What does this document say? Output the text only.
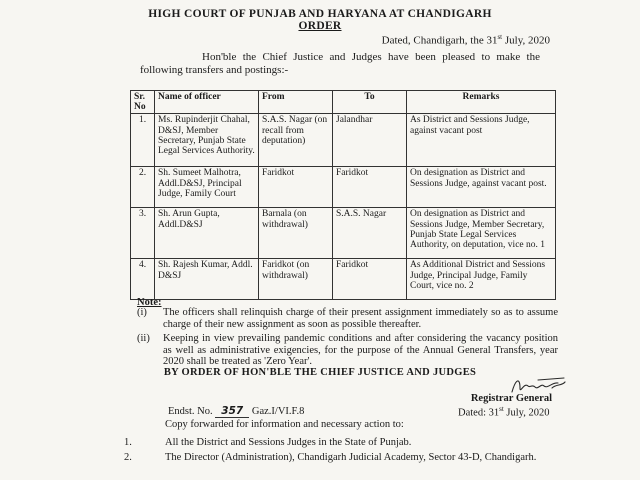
HIGH COURT OF PUNJAB AND HARYANA AT CHANDIGARH
ORDER
Dated, Chandigarh, the 31st July, 2020
Hon'ble the Chief Justice and Judges have been pleased to make the following transfers and postings:-
Sr. No	Name of officer	From	To	Remarks
1.	Ms. Rupinderjit Chahal, D&SJ, Member Secretary, Punjab State Legal Services Authority.	S.A.S. Nagar (on recall from deputation)	Jalandhar	As District and Sessions Judge, against vacant post
2.	Sh. Sumeet Malhotra, Addl.D&SJ, Principal Judge, Family Court	Faridkot	Faridkot	On designation as District and Sessions Judge, against vacant post.
3.	Sh. Arun Gupta, Addl.D&SJ	Barnala (on withdrawal)	S.A.S. Nagar	On designation as District and Sessions Judge, Member Secretary, Punjab State Legal Services Authority, on deputation, vice no. 1
4.	Sh. Rajesh Kumar, Addl. D&SJ	Faridkot (on withdrawal)	Faridkot	As Additional District and Sessions Judge, Principal Judge, Family Court, vice no. 2
Note:
(i) The officers shall relinquish charge of their present assignment immediately so as to assume charge of their new assignment as soon as possible thereafter.
(ii) Keeping in view prevailing pandemic conditions and after considering the vacancy position as well as administrative exigencies, for the purpose of the Annual General Transfers, year 2020 shall be treated as 'Zero Year'.
BY ORDER OF HON'BLE THE CHIEF JUSTICE AND JUDGES
Registrar General
Endst. No. 357 Gaz.I/VI.F.8	Dated: 31st July, 2020
Copy forwarded for information and necessary action to:
1.	All the District and Sessions Judges in the State of Punjab.
2.	The Director (Administration), Chandigarh Judicial Academy, Sector 43-D, Chandigarh.
